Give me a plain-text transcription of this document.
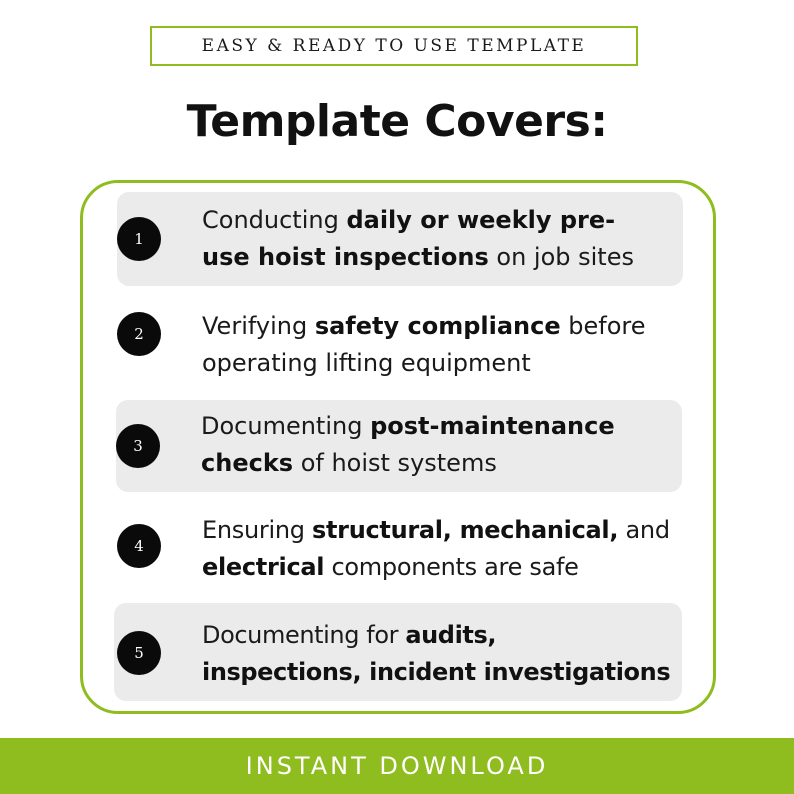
EASY & READY TO USE TEMPLATE
Template Covers:
1
Conducting daily or weekly pre-
use hoist inspections on job sites
2	Verifying safety compliance before
operating lifting equipment
3
Documenting post-maintenance
checks of hoist systems
4
Ensuring structural, mechanical, and
electrical components are safe
5
Documenting for audits,
inspections, incident investigations
INSTANT DOWNLOAD
